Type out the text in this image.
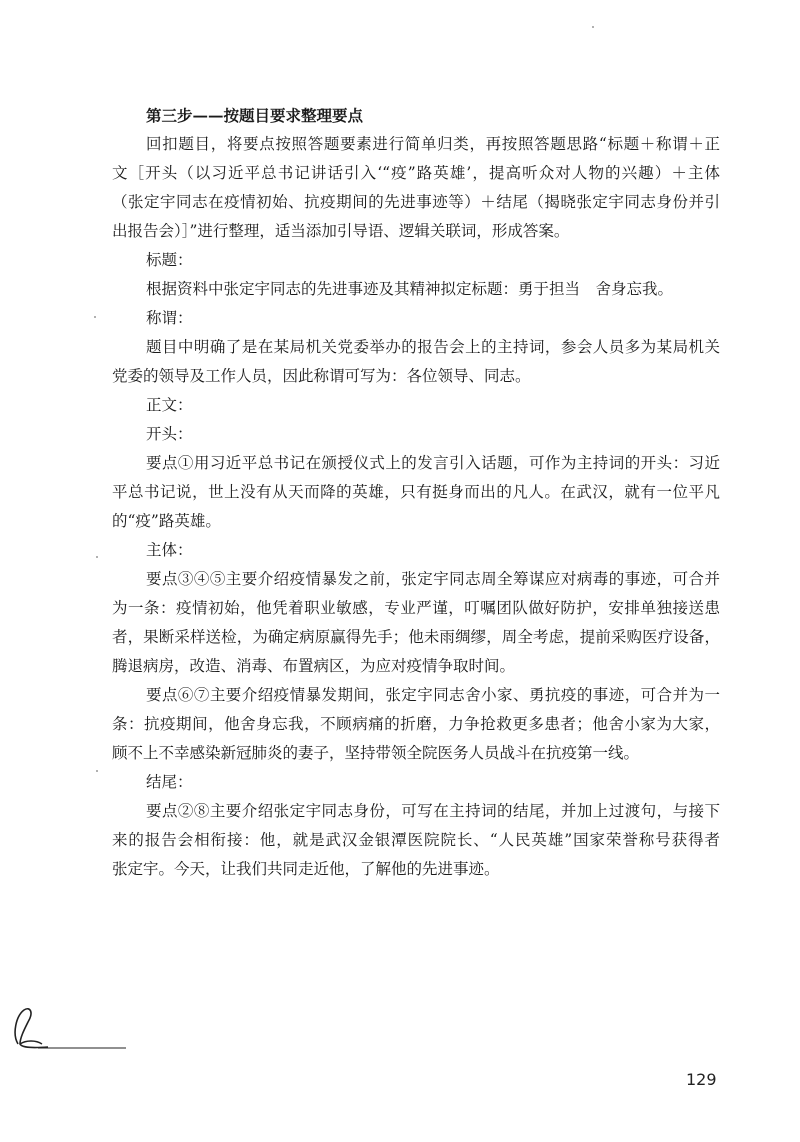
第三步——按题目要求整理要点
回扣题目，将要点按照答题要素进行简单归类，再按照答题思路“标题＋称谓＋正
文［开头（以习近平总书记讲话引入‘“疫”路英雄’，提高听众对人物的兴趣）＋主体
（张定宇同志在疫情初始、抗疫期间的先进事迹等）＋结尾（揭晓张定宇同志身份并引
出报告会）］”进行整理，适当添加引导语、逻辑关联词，形成答案。
标题：
根据资料中张定宇同志的先进事迹及其精神拟定标题：勇于担当　舍身忘我。
称谓：
题目中明确了是在某局机关党委举办的报告会上的主持词，参会人员多为某局机关
党委的领导及工作人员，因此称谓可写为：各位领导、同志。
正文：
开头：
要点①用习近平总书记在颁授仪式上的发言引入话题，可作为主持词的开头：习近
平总书记说，世上没有从天而降的英雄，只有挺身而出的凡人。在武汉，就有一位平凡
的“疫”路英雄。
主体：
要点③④⑤主要介绍疫情暴发之前，张定宇同志周全筹谋应对病毒的事迹，可合并
为一条：疫情初始，他凭着职业敏感，专业严谨，叮嘱团队做好防护，安排单独接送患
者，果断采样送检，为确定病原赢得先手；他未雨绸缪，周全考虑，提前采购医疗设备，
腾退病房，改造、消毒、布置病区，为应对疫情争取时间。
要点⑥⑦主要介绍疫情暴发期间，张定宇同志舍小家、勇抗疫的事迹，可合并为一
条：抗疫期间，他舍身忘我，不顾病痛的折磨，力争抢救更多患者；他舍小家为大家，
顾不上不幸感染新冠肺炎的妻子，坚持带领全院医务人员战斗在抗疫第一线。
结尾：
要点②⑧主要介绍张定宇同志身份，可写在主持词的结尾，并加上过渡句，与接下
来的报告会相衔接：他，就是武汉金银潭医院院长、“人民英雄”国家荣誉称号获得者
张定宇。今天，让我们共同走近他，了解他的先进事迹。
129
